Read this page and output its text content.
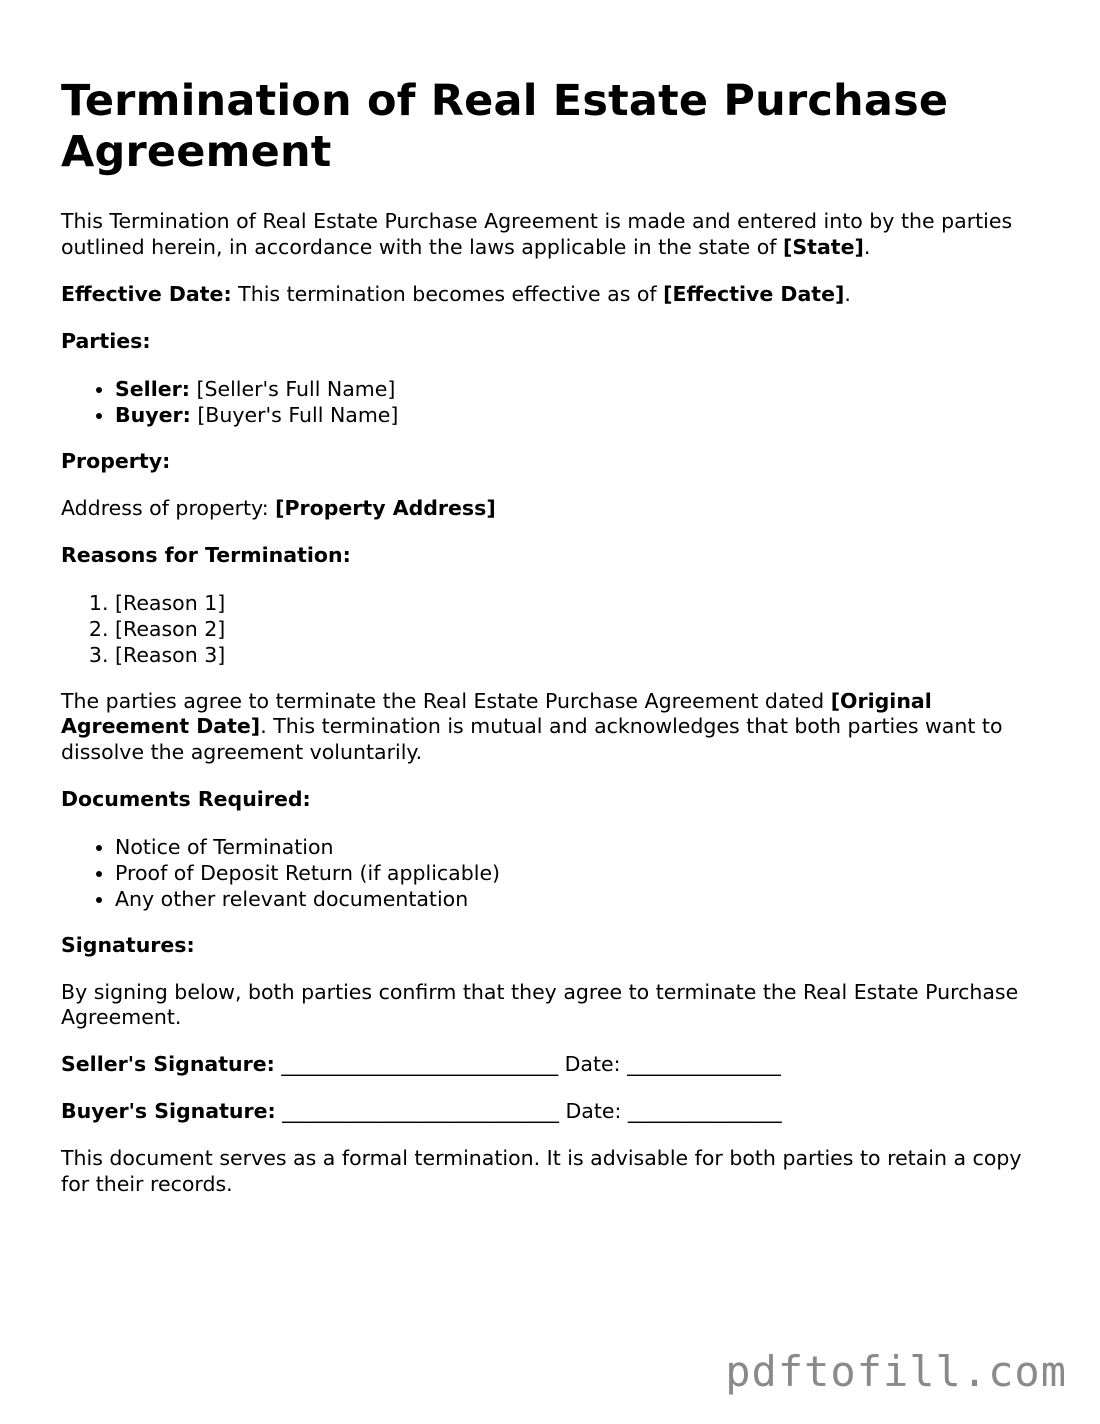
Termination of Real Estate Purchase Agreement

This Termination of Real Estate Purchase Agreement is made and entered into by the parties outlined herein, in accordance with the laws applicable in the state of [State].

Effective Date: This termination becomes effective as of [Effective Date].

Parties:

• Seller: [Seller's Full Name]
• Buyer: [Buyer's Full Name]

Property:

Address of property: [Property Address]

Reasons for Termination:

1. [Reason 1]
2. [Reason 2]
3. [Reason 3]

The parties agree to terminate the Real Estate Purchase Agreement dated [Original Agreement Date]. This termination is mutual and acknowledges that both parties want to dissolve the agreement voluntarily.

Documents Required:

• Notice of Termination
• Proof of Deposit Return (if applicable)
• Any other relevant documentation

Signatures:

By signing below, both parties confirm that they agree to terminate the Real Estate Purchase Agreement.

Seller's Signature: ___________________________ Date: _______________

Buyer's Signature: ___________________________ Date: _______________

This document serves as a formal termination. It is advisable for both parties to retain a copy for their records.

pdftofill.com
